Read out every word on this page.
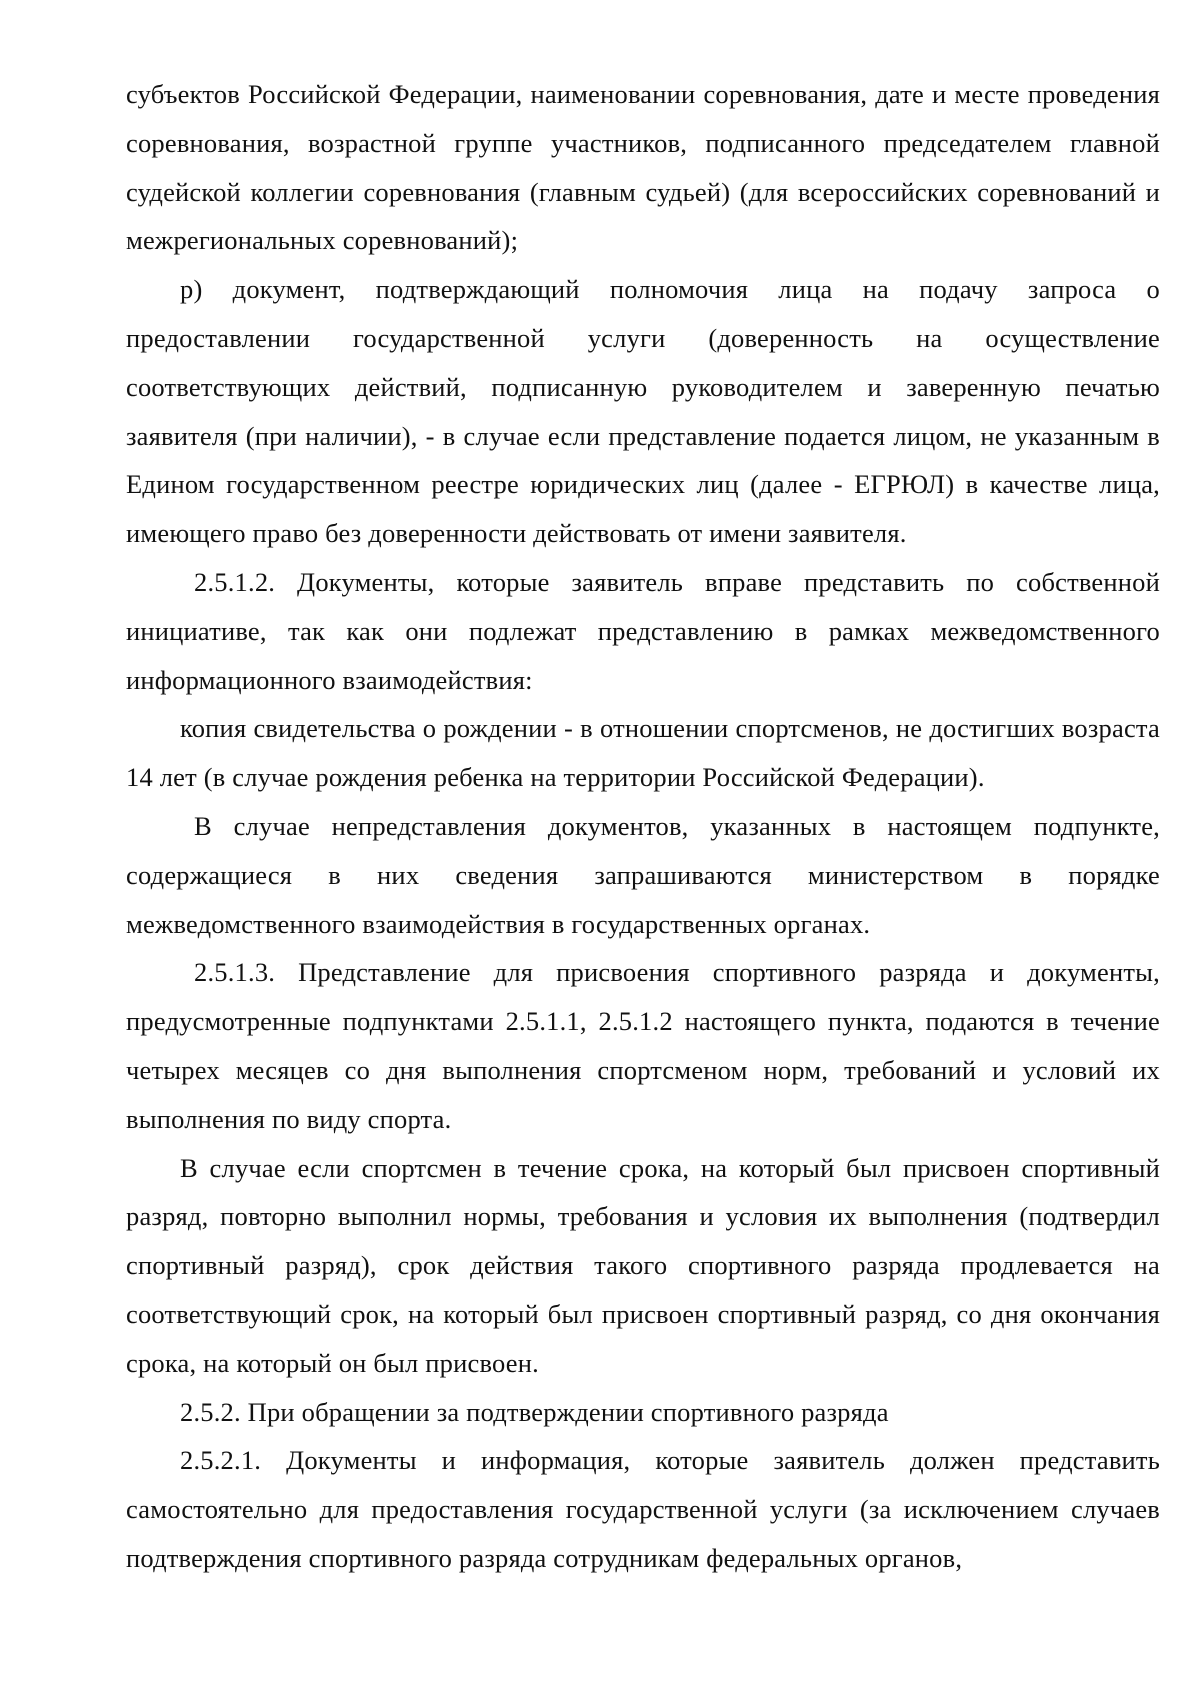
субъектов Российской Федерации, наименовании соревнования, дате и месте проведения соревнования, возрастной группе участников, подписанного председателем главной судейской коллегии соревнования (главным судьей) (для всероссийских соревнований и межрегиональных соревнований);

р) документ, подтверждающий полномочия лица на подачу запроса о предоставлении государственной услуги (доверенность на осуществление соответствующих действий, подписанную руководителем и заверенную печатью заявителя (при наличии), - в случае если представление подается лицом, не указанным в Едином государственном реестре юридических лиц (далее - ЕГРЮЛ) в качестве лица, имеющего право без доверенности действовать от имени заявителя.

2.5.1.2. Документы, которые заявитель вправе представить по собственной инициативе, так как они подлежат представлению в рамках межведомственного информационного взаимодействия:

копия свидетельства о рождении - в отношении спортсменов, не достигших возраста 14 лет (в случае рождения ребенка на территории Российской Федерации).

В случае непредставления документов, указанных в настоящем подпункте, содержащиеся в них сведения запрашиваются министерством в порядке межведомственного взаимодействия в государственных органах.

2.5.1.3. Представление для присвоения спортивного разряда и документы, предусмотренные подпунктами 2.5.1.1, 2.5.1.2 настоящего пункта, подаются в течение четырех месяцев со дня выполнения спортсменом норм, требований и условий их выполнения по виду спорта.

В случае если спортсмен в течение срока, на который был присвоен спортивный разряд, повторно выполнил нормы, требования и условия их выполнения (подтвердил спортивный разряд), срок действия такого спортивного разряда продлевается на соответствующий срок, на который был присвоен спортивный разряд, со дня окончания срока, на который он был присвоен.

2.5.2. При обращении за подтверждении спортивного разряда

2.5.2.1. Документы и информация, которые заявитель должен представить самостоятельно для предоставления государственной услуги (за исключением случаев подтверждения спортивного разряда сотрудникам федеральных органов,
